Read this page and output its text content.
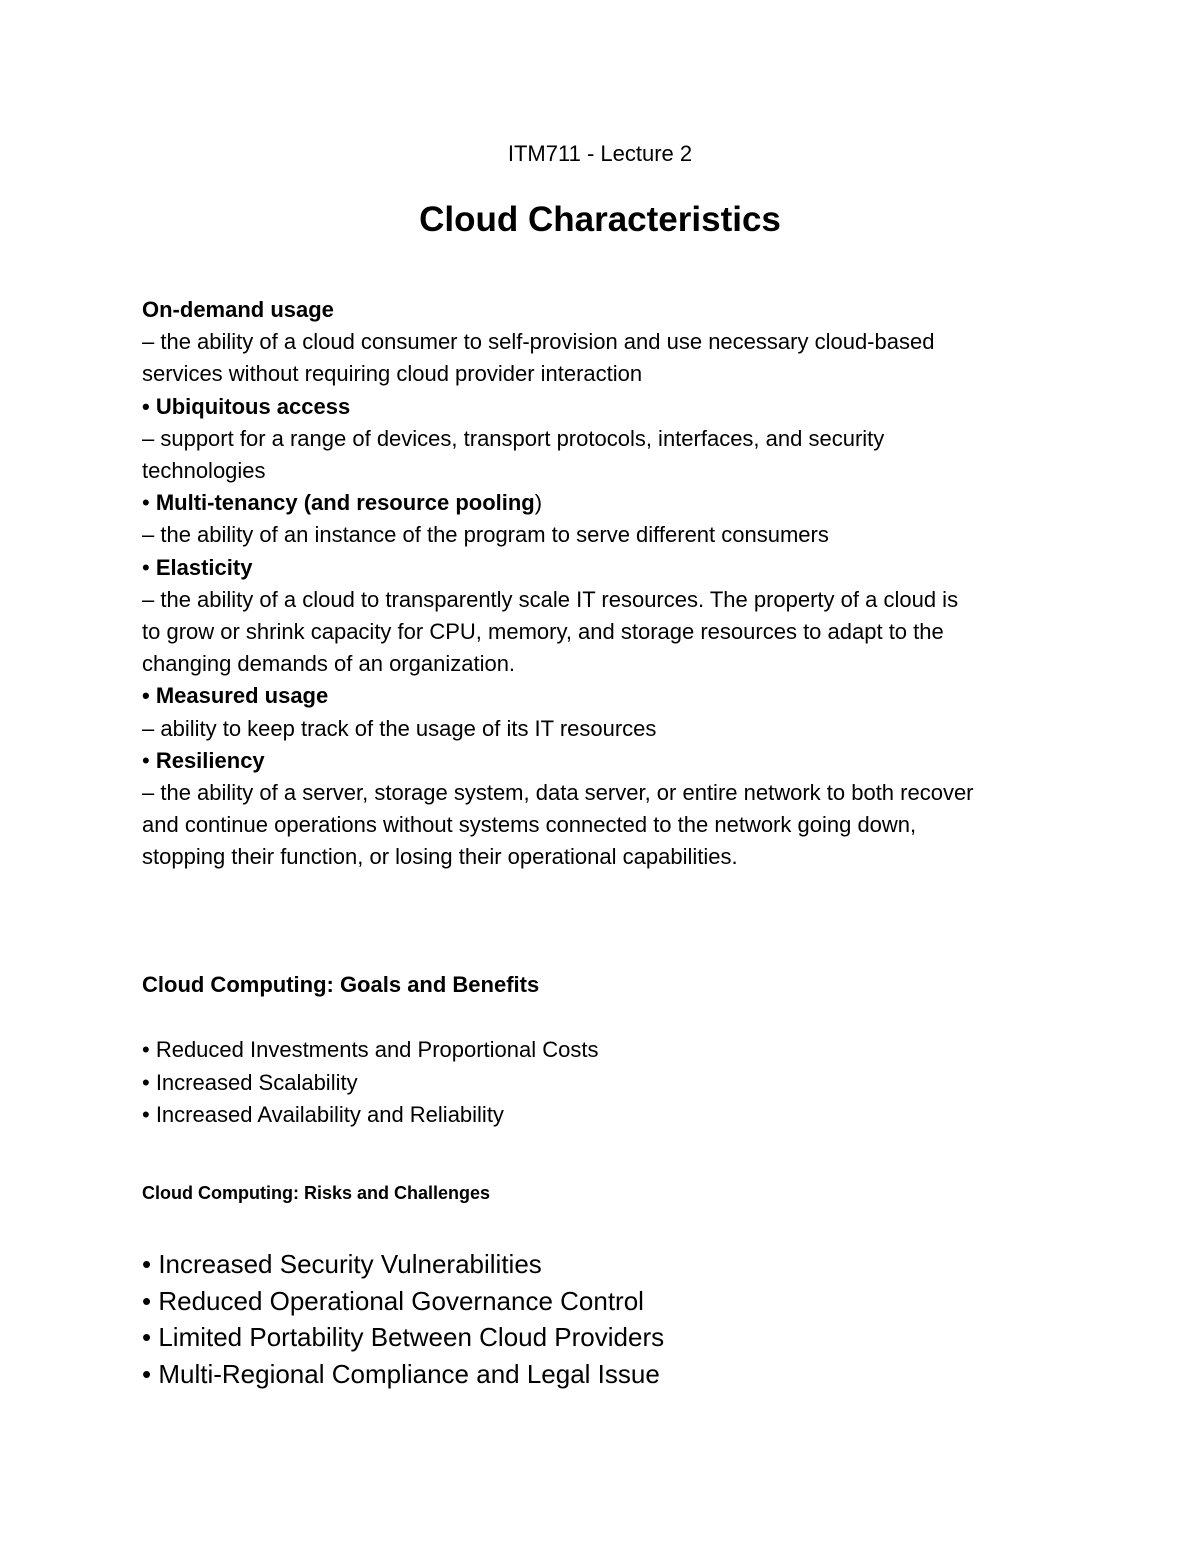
ITM711 - Lecture 2
Cloud Characteristics

On-demand usage

– the ability of a cloud consumer to self-provision and use necessary cloud-based

services without requiring cloud provider interaction

• Ubiquitous access

– support for a range of devices, transport protocols, interfaces, and security

technologies

• Multi-tenancy (and resource pooling)

– the ability of an instance of the program to serve different consumers

• Elasticity

– the ability of a cloud to transparently scale IT resources. The property of a cloud is

to grow or shrink capacity for CPU, memory, and storage resources to adapt to the

changing demands of an organization.

• Measured usage

– ability to keep track of the usage of its IT resources

• Resiliency

– the ability of a server, storage system, data server, or entire network to both recover

and continue operations without systems connected to the network going down,

stopping their function, or losing their operational capabilities.

Cloud Computing: Goals and Benefits

• Reduced Investments and Proportional Costs

• Increased Scalability

• Increased Availability and Reliability

Cloud Computing: Risks and Challenges

• Increased Security Vulnerabilities

• Reduced Operational Governance Control

• Limited Portability Between Cloud Providers

• Multi-Regional Compliance and Legal Issue
